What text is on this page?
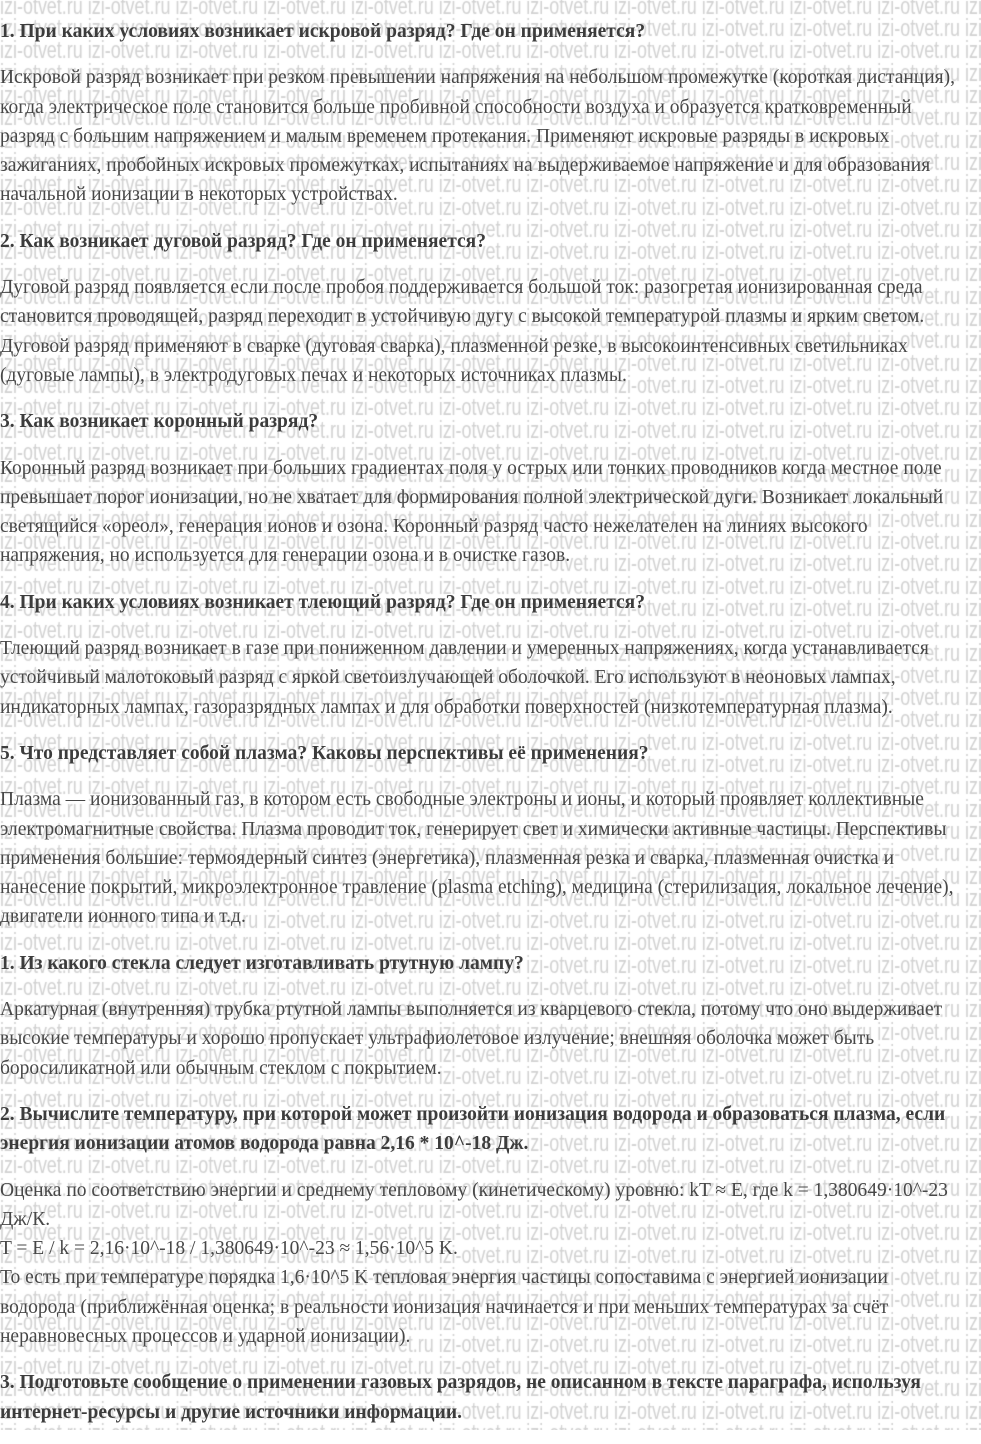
1. При каких условиях возникает искровой разряд? Где он применяется?
Искровой разряд возникает при резком превышении напряжения на небольшом промежутке (короткая дистанция),
когда электрическое поле становится больше пробивной способности воздуха и образуется кратковременный
разряд с большим напряжением и малым временем протекания. Применяют искровые разряды в искровых
зажиганиях, пробойных искровых промежутках, испытаниях на выдерживаемое напряжение и для образования
начальной ионизации в некоторых устройствах.
2. Как возникает дуговой разряд? Где он применяется?
Дуговой разряд появляется если после пробоя поддерживается большой ток: разогретая ионизированная среда
становится проводящей, разряд переходит в устойчивую дугу с высокой температурой плазмы и ярким светом.
Дуговой разряд применяют в сварке (дуговая сварка), плазменной резке, в высокоинтенсивных светильниках
(дуговые лампы), в электродуговых печах и некоторых источниках плазмы.
3. Как возникает коронный разряд?
Коронный разряд возникает при больших градиентах поля у острых или тонких проводников когда местное поле
превышает порог ионизации, но не хватает для формирования полной электрической дуги. Возникает локальный
светящийся «ореол», генерация ионов и озона. Коронный разряд часто нежелателен на линиях высокого
напряжения, но используется для генерации озона и в очистке газов.
4. При каких условиях возникает тлеющий разряд? Где он применяется?
Тлеющий разряд возникает в газе при пониженном давлении и умеренных напряжениях, когда устанавливается
устойчивый малотоковый разряд с яркой светоизлучающей оболочкой. Его используют в неоновых лампах,
индикаторных лампах, газоразрядных лампах и для обработки поверхностей (низкотемпературная плазма).
5. Что представляет собой плазма? Каковы перспективы её применения?
Плазма — ионизованный газ, в котором есть свободные электроны и ионы, и который проявляет коллективные
электромагнитные свойства. Плазма проводит ток, генерирует свет и химически активные частицы. Перспективы
применения большие: термоядерный синтез (энергетика), плазменная резка и сварка, плазменная очистка и
нанесение покрытий, микроэлектронное травление (plasma etching), медицина (стерилизация, локальное лечение),
двигатели ионного типа и т.д.
1. Из какого стекла следует изготавливать ртутную лампу?
Аркатурная (внутренняя) трубка ртутной лампы выполняется из кварцевого стекла, потому что оно выдерживает
высокие температуры и хорошо пропускает ультрафиолетовое излучение; внешняя оболочка может быть
боросиликатной или обычным стеклом с покрытием.
2. Вычислите температуру, при которой может произойти ионизация водорода и образоваться плазма, если
энергия ионизации атомов водорода равна 2,16 * 10^-18 Дж.
Оценка по соответствию энергии и среднему тепловому (кинетическому) уровню: kT ≈ E, где k = 1,380649·10^-23
Дж/К.
T = E / k = 2,16·10^-18 / 1,380649·10^-23 ≈ 1,56·10^5 K.
То есть при температуре порядка 1,6·10^5 K тепловая энергия частицы сопоставима с энергией ионизации
водорода (приближённая оценка; в реальности ионизация начинается и при меньших температурах за счёт
неравновесных процессов и ударной ионизации).
3. Подготовьте сообщение о применении газовых разрядов, не описанном в тексте параграфа, используя
интернет-ресурсы и другие источники информации.
